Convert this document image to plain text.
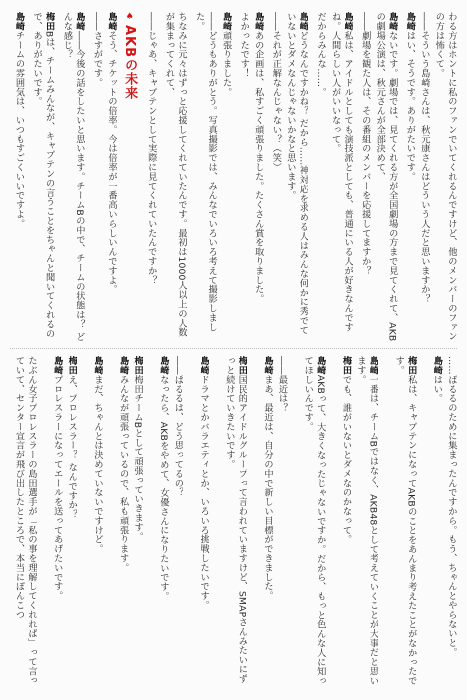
わる方はホントに私のファンでいてくれるんですけど、他のメンバーのファンの方は怖くて。

――そういう島崎さんは、秋元康さんはどういう人だと思いますか？

島崎はい、そうです。ありがたいです。

島崎ないです。劇場では、見てくれる方が全国劇場の方まで見てくれて、AKBの劇場公演は、秋元さんが全部決めて、

――劇場を観た人は、その番組のメンバーを応援してますか？

島崎私は、アイドルとしても演技派としても、普通にいる人が好きなんですね。人間らしい人がいいなって。

だからみんな……。

島崎どうなんですかね？ だから……神対応を求める人はみんな何かに秀でていないとダメなんじゃないかなと思います。

――それが正解なんじゃない？（笑）

島崎あの企画は、私すごく頑張りました。たくさん賞を取りました。

よかったです！

島崎頑張りました。

――どうもありがとう。写真撮影では、みんなでいろいろ考えて撮影しました。

ちなみに元々はずっと応援してくれていたんです。最初は1000人以上の人数が集まってくれて、

――じゃあ、キャプテンとして実際に見てくれていたんですか？

♠
AKBの未来

島崎そう、チケットの倍率。今は倍率が一番高いらしいんですよ。

――さすがです。

島崎――今後の話をしたいと思います。チームBの中で、チームの状態は？ どんな感じ？

梅田Bは、チームみんなが、キャプテンの言うことをちゃんと聞いてくれるので、ありがたいです。

島崎チームの雰囲気は、いつもすごくいいですよ。

……ばるるのために集まったんですから。もう、ちゃんとやらないと。

島崎はい。

梅田私は、キャプテンになってAKBのことをあんまり考えたことがなかったです。

島崎一番は、チームBではなく、AKB48として考えていくことが大事だと思います。

梅田でも、誰がいないとダメなのかなって。

島崎AKBって、大きくなったじゃないですか。だから、もっと色んな人に知ってほしいんです。

――最近は？

島崎まあ、最近は、自分の中で新しい目標ができました。

梅田国民的アイドルグループって言われていますけど、SMAPさんみたいにずっと続けていきたいです。

島崎ドラマとかバラエティとか、いろいろ挑戦したいです。

――ぱるるは、どう思ってるの？

島崎なったら、AKBをやめて、女優さんになりたいです。

梅田梅田チームBとして頑張っていきます。

島崎みんなが頑張っているので、私も頑張ります。

島崎まだ、ちゃんとは決めていないですけど。

梅田え、プロレスラー？ なんですか？

島崎プロレスラーになってエールを送ってあげたいです。

たぶん女子プロレスラーの島田選手が「私の事を理解してくれれば」って言っていて、センター宣言が飛び出したところで、本当にぽんこつ
